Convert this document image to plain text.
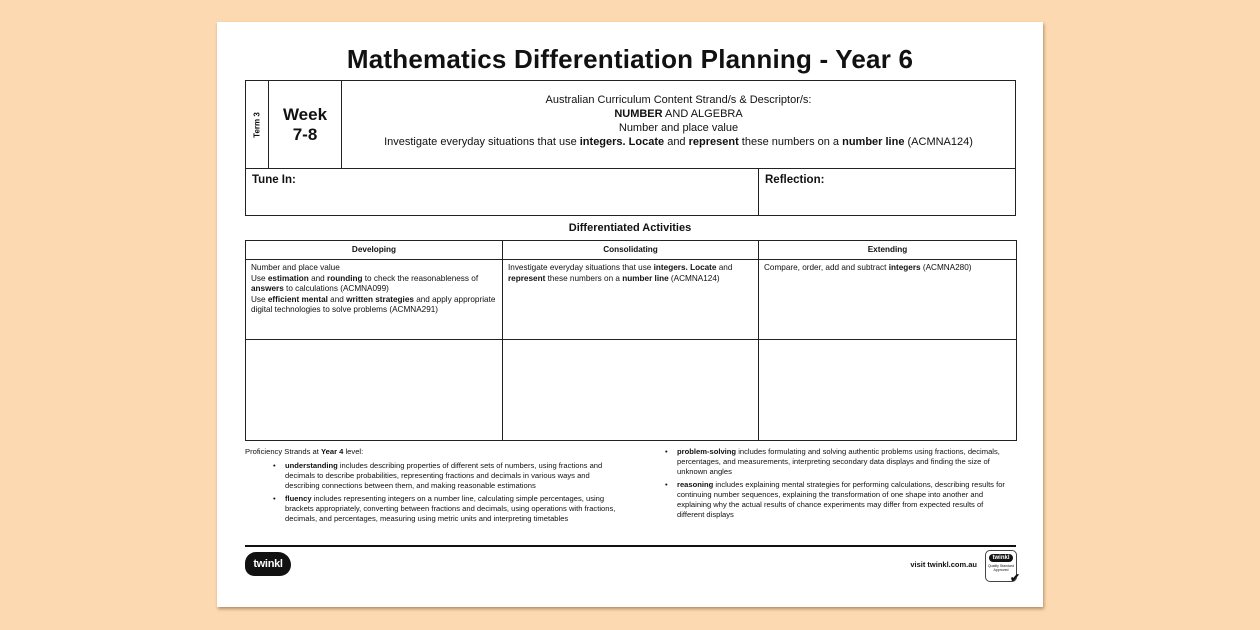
Mathematics Differentiation Planning - Year 6
Term 3 Week
7-8
Australian Curriculum Content Strand/s & Descriptor/s:
NUMBER AND ALGEBRA
Number and place value
Investigate everyday situations that use integers. Locate and represent these numbers on a number line (ACMNA124)
Tune In:	Reflection:
Differentiated Activities
Developing	Consolidating	Extending

Number and place value
Use estimation and rounding to check the reasonableness of answers to calculations (ACMNA099)
Use efficient mental and written strategies and apply appropriate digital technologies to solve problems (ACMNA291)	Investigate everyday situations that use integers. Locate and represent these numbers on a number line (ACMNA124)	Compare, order, add and subtract integers (ACMNA280)

Proficiency Strands at Year 4 level:
• understanding includes describing properties of different sets of numbers, using fractions and decimals to describe probabilities, representing fractions and decimals in various ways and describing connections between them, and making reasonable estimations
• fluency includes representing integers on a number line, calculating simple percentages, using brackets appropriately, converting between fractions and decimals, using operations with fractions, decimals, and percentages, measuring using metric units and interpreting timetables
• problem-solving includes formulating and solving authentic problems using fractions, decimals, percentages, and measurements, interpreting secondary data displays and finding the size of unknown angles
• reasoning includes explaining mental strategies for performing calculations, describing results for continuing number sequences, explaining the transformation of one shape into another and explaining why the actual results of chance experiments may differ from expected results of different displays
twinkl	visit twinkl.com.au
twinkl
Quality Standard Approved
✔
